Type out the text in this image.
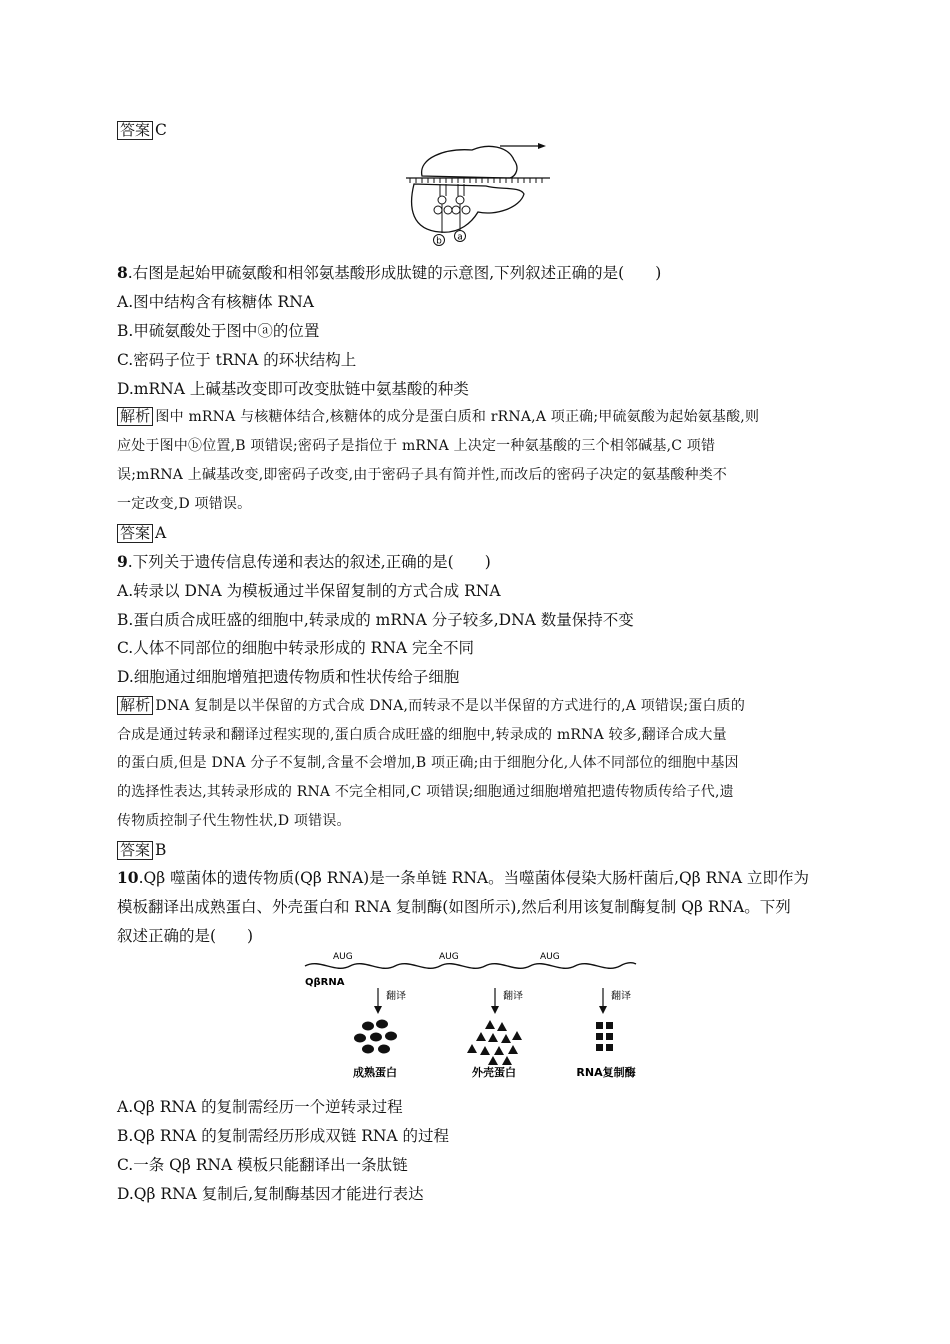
答案 C
a
b
8.右图是起始甲硫氨酸和相邻氨基酸形成肽键的示意图,下列叙述正确的是(　　)
A.图中结构含有核糖体 RNA
B.甲硫氨酸处于图中ⓐ的位置
C.密码子位于 tRNA 的环状结构上
D.mRNA 上碱基改变即可改变肽链中氨基酸的种类
解析 图中 mRNA 与核糖体结合,核糖体的成分是蛋白质和 rRNA,A 项正确;甲硫氨酸为起始氨基酸,则
应处于图中ⓑ位置,B 项错误;密码子是指位于 mRNA 上决定一种氨基酸的三个相邻碱基,C 项错
误;mRNA 上碱基改变,即密码子改变,由于密码子具有简并性,而改后的密码子决定的氨基酸种类不
一定改变,D 项错误。
答案 A
9.下列关于遗传信息传递和表达的叙述,正确的是(　　)
A.转录以 DNA 为模板通过半保留复制的方式合成 RNA
B.蛋白质合成旺盛的细胞中,转录成的 mRNA 分子较多,DNA 数量保持不变
C.人体不同部位的细胞中转录形成的 RNA 完全不同
D.细胞通过细胞增殖把遗传物质和性状传给子细胞
解析 DNA 复制是以半保留的方式合成 DNA,而转录不是以半保留的方式进行的,A 项错误;蛋白质的
合成是通过转录和翻译过程实现的,蛋白质合成旺盛的细胞中,转录成的 mRNA 较多,翻译合成大量
的蛋白质,但是 DNA 分子不复制,含量不会增加,B 项正确;由于细胞分化,人体不同部位的细胞中基因
的选择性表达,其转录形成的 RNA 不完全相同,C 项错误;细胞通过细胞增殖把遗传物质传给子代,遗
传物质控制子代生物性状,D 项错误。
答案 B
10.Qβ 噬菌体的遗传物质(Qβ RNA)是一条单链 RNA。当噬菌体侵染大肠杆菌后,Qβ RNA 立即作为
模板翻译出成熟蛋白、外壳蛋白和 RNA 复制酶(如图所示),然后利用该复制酶复制 Qβ RNA。下列
叙述正确的是(　　)
QβRNA
AUG	AUG	AUG
翻译	翻译	翻译
成熟蛋白	外壳蛋白	RNA复制酶
A.Qβ RNA 的复制需经历一个逆转录过程
B.Qβ RNA 的复制需经历形成双链 RNA 的过程
C.一条 Qβ RNA 模板只能翻译出一条肽链
D.Qβ RNA 复制后,复制酶基因才能进行表达
